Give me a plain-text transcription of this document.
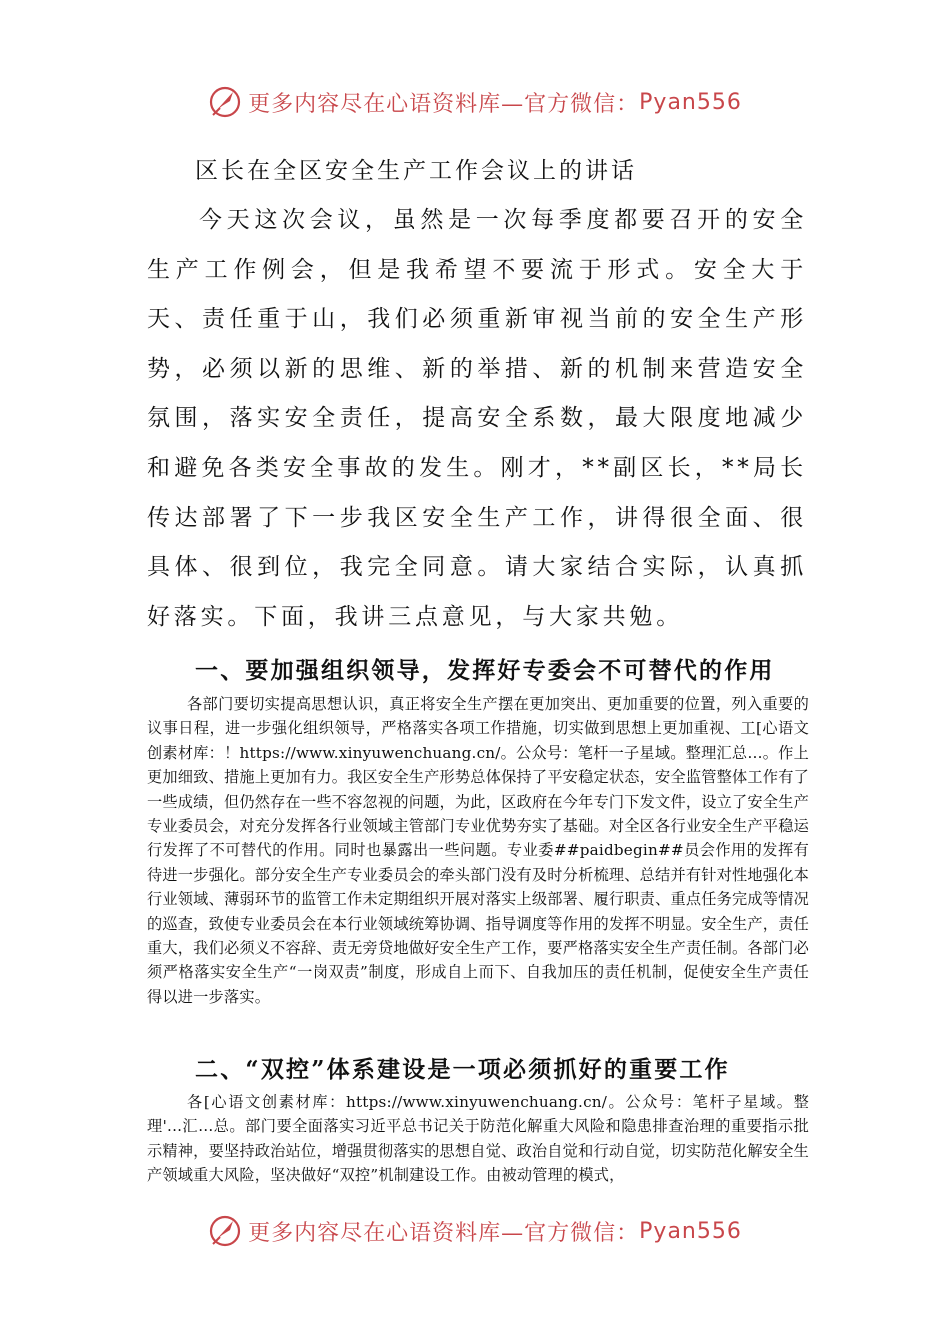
更多内容尽在心语资料库—官方微信： Pyan556
区长在全区安全生产工作会议上的讲话

今天这次会议，虽然是一次每季度都要召开的安全生产工作例会，但是我希望不要流于形式。安全大于天、责任重于山，我们必须重新审视当前的安全生产形势，必须以新的思维、新的举措、新的机制来营造安全氛围，落实安全责任，提高安全系数，最大限度地减少和避免各类安全事故的发生。刚才，**副区长，**局长传达部署了下一步我区安全生产工作，讲得很全面、很具体、很到位，我完全同意。请大家结合实际，认真抓好落实。下面，我讲三点意见，与大家共勉。

一、要加强组织领导，发挥好专委会不可替代的作用

各部门要切实提高思想认识，真正将安全生产摆在更加突出、更加重要的位置，列入重要的议事日程，进一步强化组织领导，严格落实各项工作措施，切实做到思想上更加重视、工[心语文创素材库：！https://www.xinyuwenchuang.cn/。公众号：笔杆一子星域。整理汇总…。作上更加细致、措施上更加有力。我区安全生产形势总体保持了平安稳定状态，安全监管整体工作有了一些成绩，但仍然存在一些不容忽视的问题，为此，区政府在今年专门下发文件，设立了安全生产专业委员会，对充分发挥各行业领域主管部门专业优势夯实了基础。对全区各行业安全生产平稳运行发挥了不可替代的作用。同时也暴露出一些问题。专业委##paidbegin##员会作用的发挥有待进一步强化。部分安全生产专业委员会的牵头部门没有及时分析梳理、总结并有针对性地强化本行业领域、薄弱环节的监管工作未定期组织开展对落实上级部署、履行职责、重点任务完成等情况的巡查，致使专业委员会在本行业领域统筹协调、指导调度等作用的发挥不明显。安全生产，责任重大，我们必须义不容辞、责无旁贷地做好安全生产工作，要严格落实安全生产责任制。各部门必须严格落实安全生产“一岗双责”制度，形成自上而下、自我加压的责任机制，促使安全生产责任得以进一步落实。

二、“双控”体系建设是一项必须抓好的重要工作

各[心语文创素材库：https://www.xinyuwenchuang.cn/。公众号：笔杆子星域。整理'...汇…总。部门要全面落实习近平总书记关于防范化解重大风险和隐患排查治理的重要指示批示精神，要坚持政治站位，增强贯彻落实的思想自觉、政治自觉和行动自觉，切实防范化解安全生产领域重大风险，坚决做好“双控”机制建设工作。由被动管理的模式，

更多内容尽在心语资料库—官方微信： Pyan556
